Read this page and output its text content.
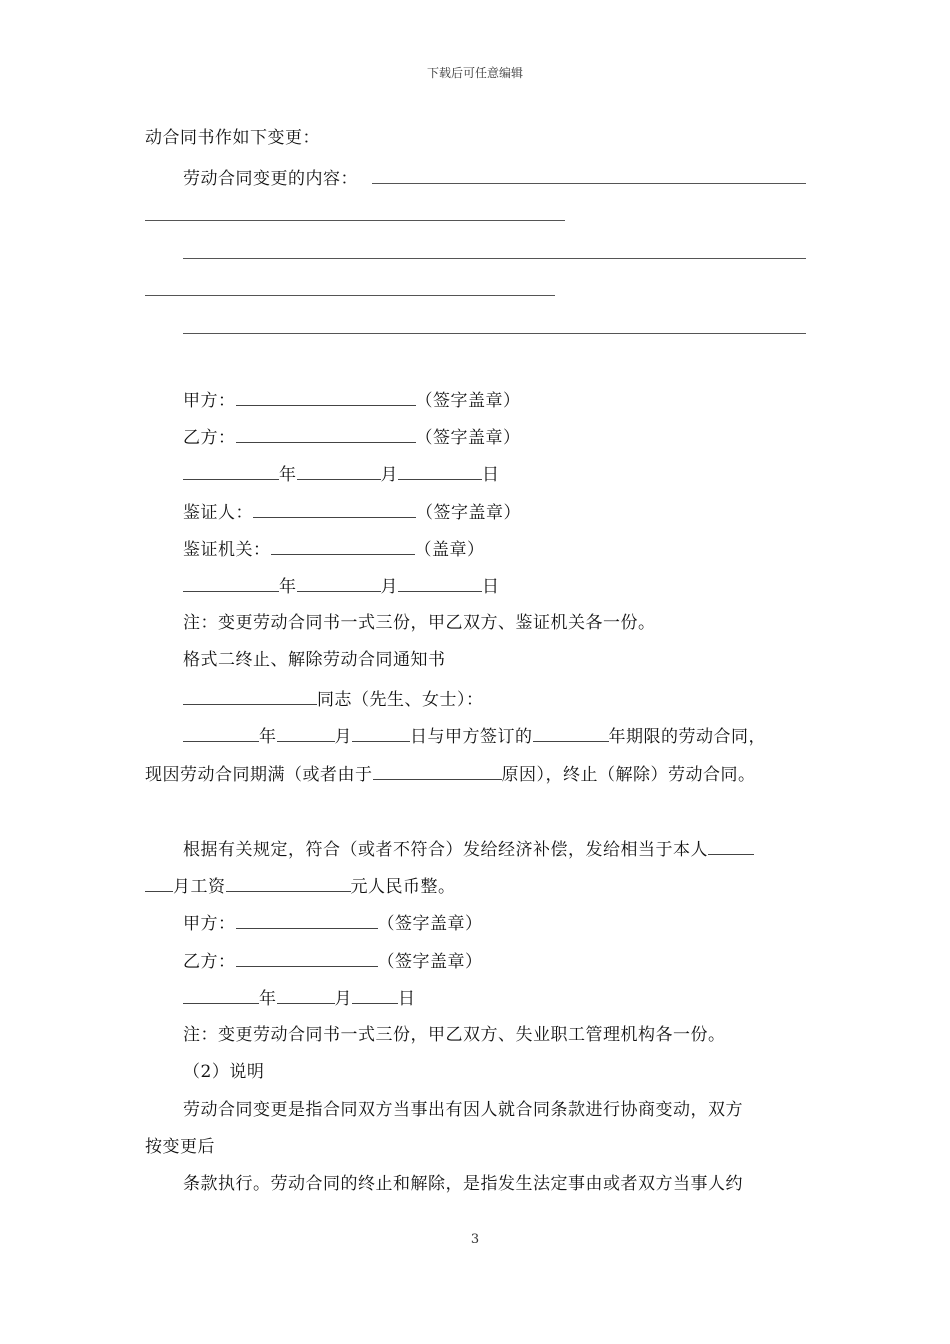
下载后可任意编辑
动合同书作如下变更：
劳动合同变更的内容：
甲方：	（签字盖章）
乙方：	（签字盖章）
年	月	日
鉴证人：	（签字盖章）
鉴证机关：	（盖章）
年	月	日
注：变更劳动合同书一式三份，甲乙双方、鉴证机关各一份。
格式二终止、解除劳动合同通知书
同志（先生、女士）：
年	月	日与甲方签订的	年期限的劳动合同，
现因劳动合同期满（或者由于	原因），终止（解除）劳动合同。
根据有关规定，符合（或者不符合）发给经济补偿，发给相当于本人
月工资	元人民币整。
甲方：	（签字盖章）
乙方：	（签字盖章）
年	月	日
注：变更劳动合同书一式三份，甲乙双方、失业职工管理机构各一份。
（2）说明
劳动合同变更是指合同双方当事出有因人就合同条款进行协商变动，双方
按变更后
条款执行。劳动合同的终止和解除，是指发生法定事由或者双方当事人约
3
